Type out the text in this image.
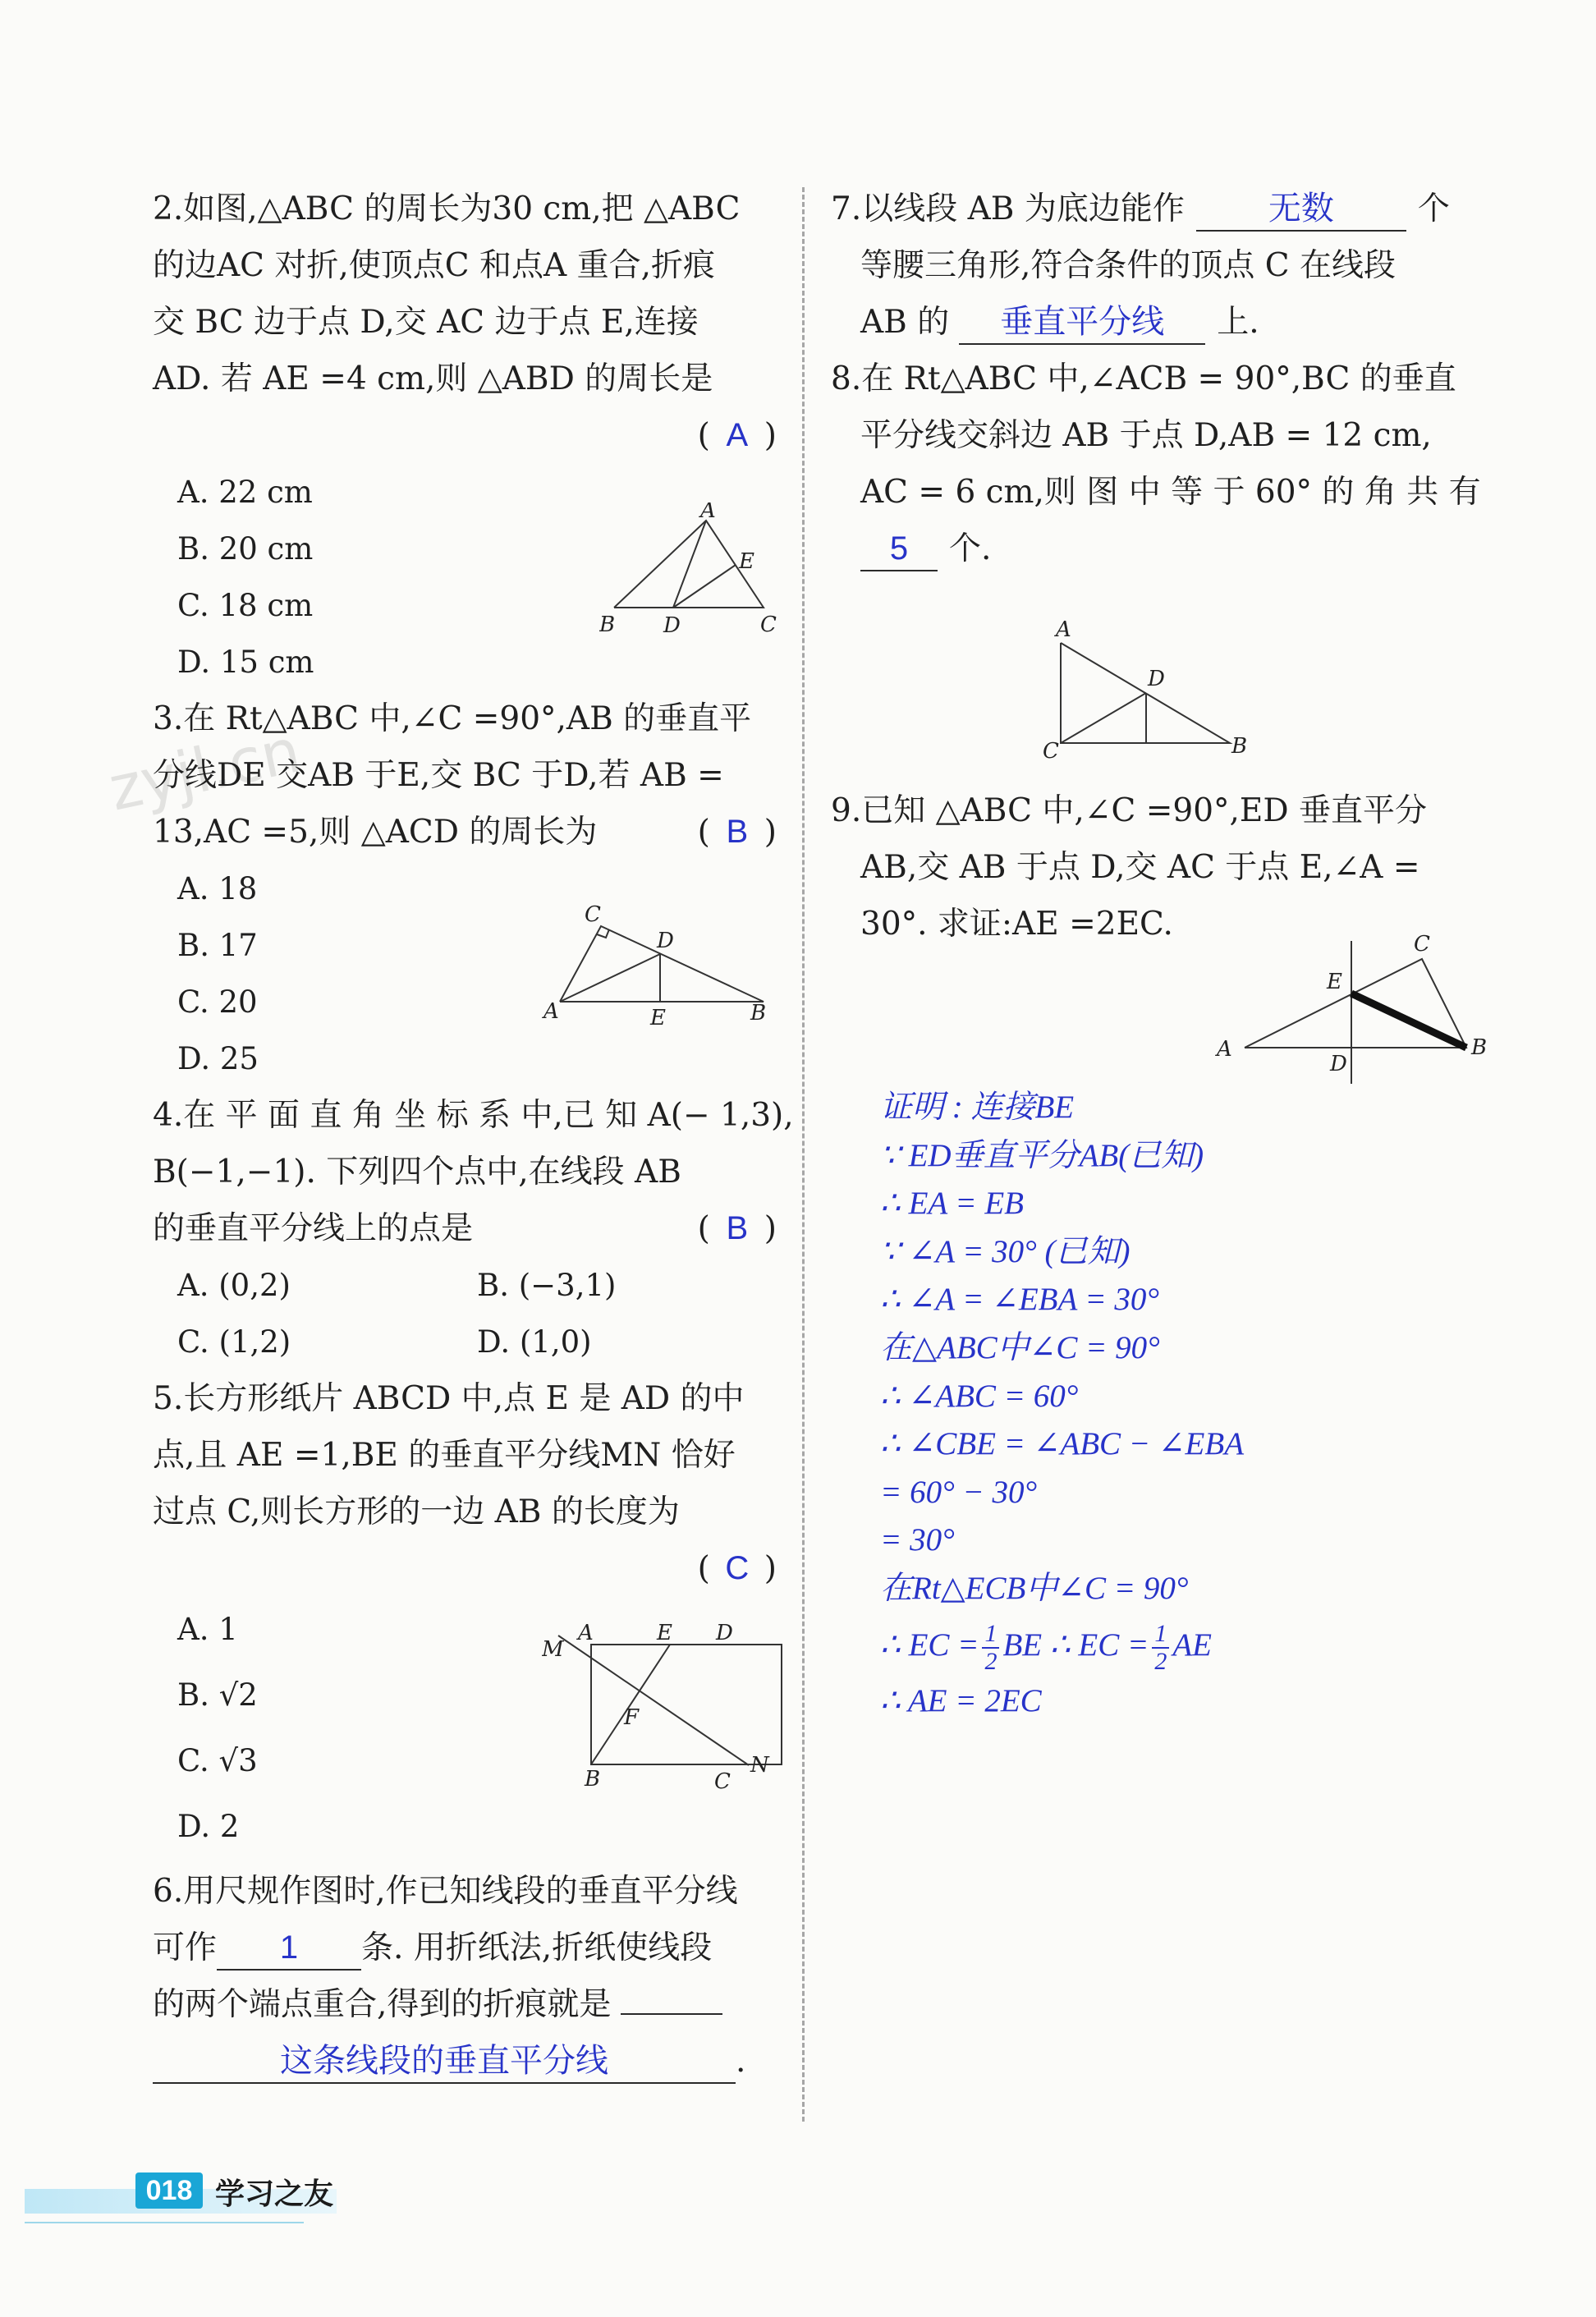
zyjl.cn
2.如图,△ABC 的周长为30 cm,把 △ABC
的边AC 对折,使顶点C 和点A 重合,折痕
交 BC 边于点 D,交 AC 边于点 E,连接
AD. 若 AE =4 cm,则 △ABD 的周长是
( A )
A. 22 cm
B. 20 cm
C. 18 cm
D. 15 cm
3.在 Rt△ABC 中,∠C =90°,AB 的垂直平
分线DE 交AB 于E,交 BC 于D,若 AB =
13,AC =5,则 △ACD 的周长为	( B )
A. 18
B. 17
C. 20
D. 25
4.在 平 面 直 角 坐 标 系 中,已 知 A(− 1,3),
B(−1,−1). 下列四个点中,在线段 AB
的垂直平分线上的点是	( B )
A. (0,2)	B. (−3,1)
C. (1,2)	D. (1,0)
5.长方形纸片 ABCD 中,点 E 是 AD 的中
点,且 AE =1,BE 的垂直平分线MN 恰好
过点 C,则长方形的一边 AB 的长度为
( C )
A. 1
B. √2
C. √3
D. 2
6.用尺规作图时,作已知线段的垂直平分线
可作 1 条. 用折纸法,折纸使线段
的两个端点重合,得到的折痕就是
这条线段的垂直平分线	.
A
B D	C
E
C
D
A	E	B
A	E D
M
F
B	C
N
7.以线段 AB 为底边能作	无数	个
等腰三角形,符合条件的顶点 C 在线段
AB 的 垂直平分线 上.
8.在 Rt△ABC 中,∠ACB = 90°,BC 的垂直
平分线交斜边 AB 于点 D,AB = 12 cm,
AC = 6 cm,则 图 中 等 于 60° 的 角 共 有
5 个.
9.已知 △ABC 中,∠C =90°,ED 垂直平分
AB,交 AB 于点 D,交 AC 于点 E,∠A =
30°. 求证:AE =2EC.
A
D
C	B
C
E
A
D
B
证明 : 连接BE
∵ ED垂直平分AB(已知)
∴ EA = EB
∵ ∠A = 30° (已知)
∴ ∠A = ∠EBA = 30°
在△ABC中∠C = 90°
∴ ∠ABC = 60°
∴ ∠CBE = ∠ABC − ∠EBA
= 60° − 30°
= 30°
在Rt△ECB中∠C = 90°
∴ EC = $\frac{1}{2}$ BE ∴ EC = $\frac{1}{2}$ AE
∴ AE = 2EC
018 学习之友
